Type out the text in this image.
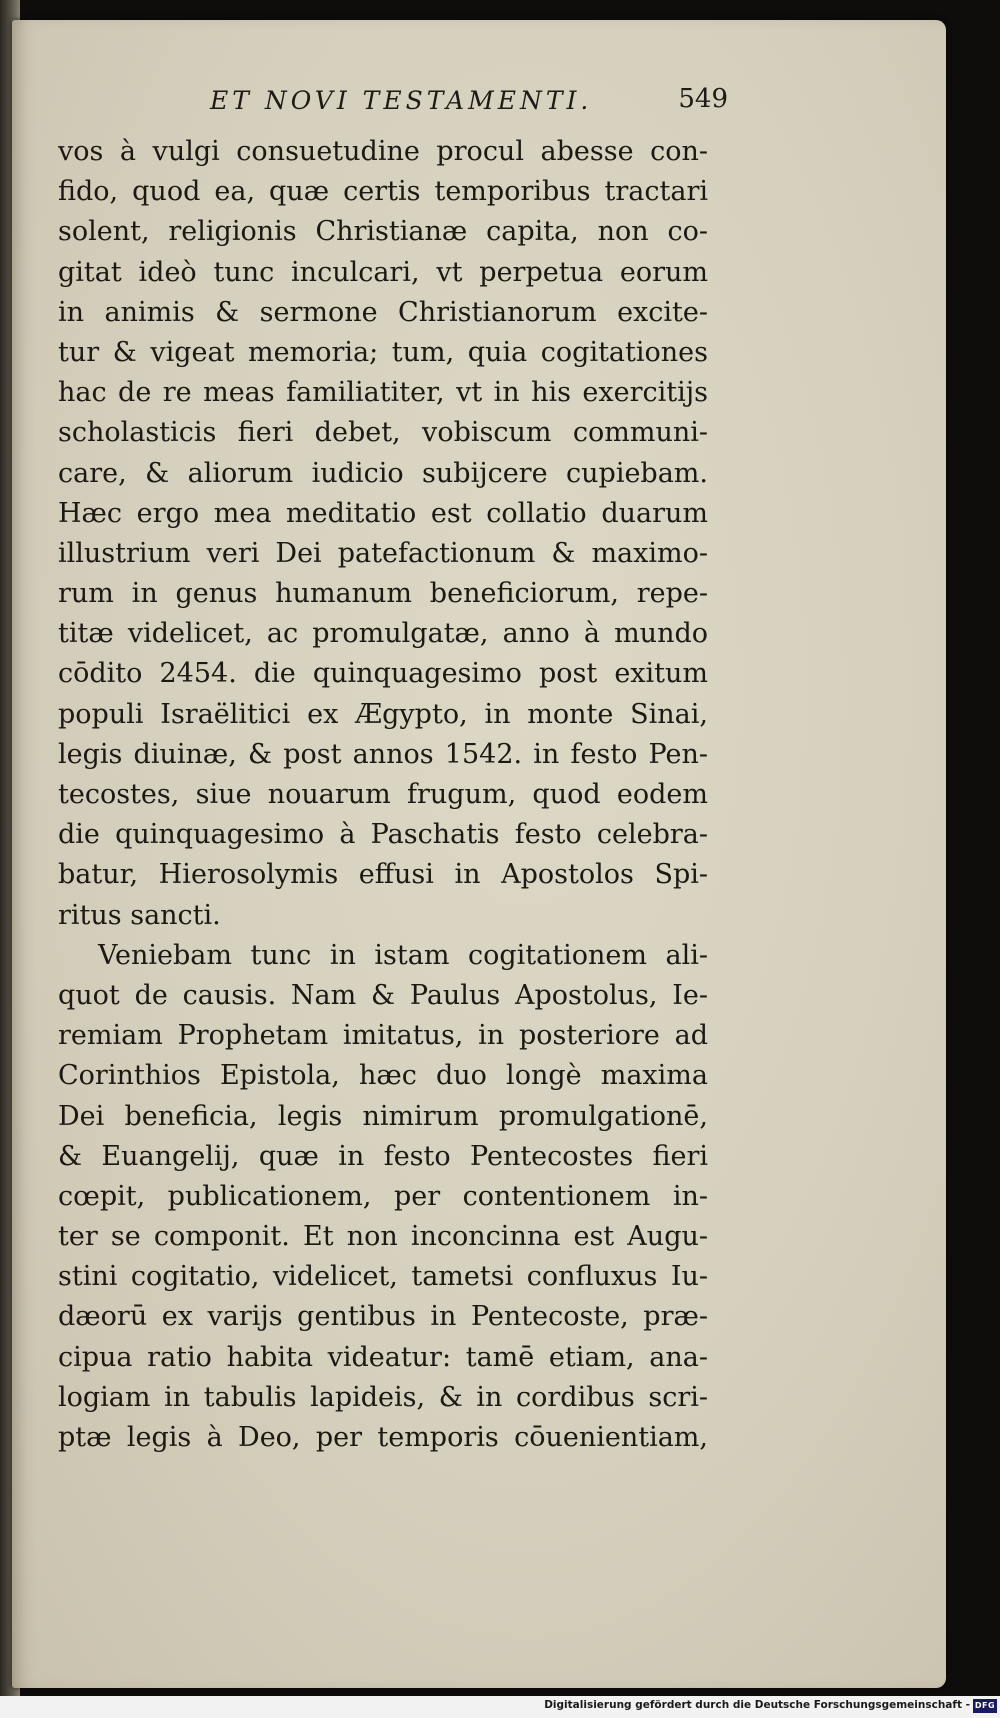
ET NOVI TESTAMENTI.	549
vos à vulgi consuetudine procul abesse con-
fido, quod ea, quæ certis temporibus tractari
solent, religionis Christianæ capita, non co-
gitat ideò tunc inculcari, vt perpetua eorum
in animis & sermone Christianorum excite-
tur & vigeat memoria; tum, quia cogitationes
hac de re meas familiatiter, vt in his exercitijs
scholasticis fieri debet, vobiscum communi-
care, & aliorum iudicio subijcere cupiebam.
Hæc ergo mea meditatio est collatio duarum
illustrium veri Dei patefactionum & maximo-
rum in genus humanum beneficiorum, repe-
titæ videlicet, ac promulgatæ, anno à mundo
cōdito 2454. die quinquagesimo post exitum
populi Israëlitici ex Ægypto, in monte Sinai,
legis diuinæ, & post annos 1542. in festo Pen-
tecostes, siue nouarum frugum, quod eodem
die quinquagesimo à Paschatis festo celebra-
batur, Hierosolymis effusi in Apostolos Spi-
ritus sancti.
Veniebam tunc in istam cogitationem ali-
quot de causis. Nam & Paulus Apostolus, Ie-
remiam Prophetam imitatus, in posteriore ad
Corinthios Epistola, hæc duo longè maxima
Dei beneficia, legis nimirum promulgationē,
& Euangelij, quæ in festo Pentecostes fieri
cœpit, publicationem, per contentionem in-
ter se componit. Et non inconcinna est Augu-
stini cogitatio, videlicet, tametsi confluxus Iu-
dæorū ex varijs gentibus in Pentecoste, præ-
cipua ratio habita videatur: tamē etiam, ana-
logiam in tabulis lapideis, & in cordibus scri-
ptæ legis à Deo, per temporis cōuenientiam,
Digitalisierung gefördert durch die Deutsche Forschungsgemeinschaft - DFG
